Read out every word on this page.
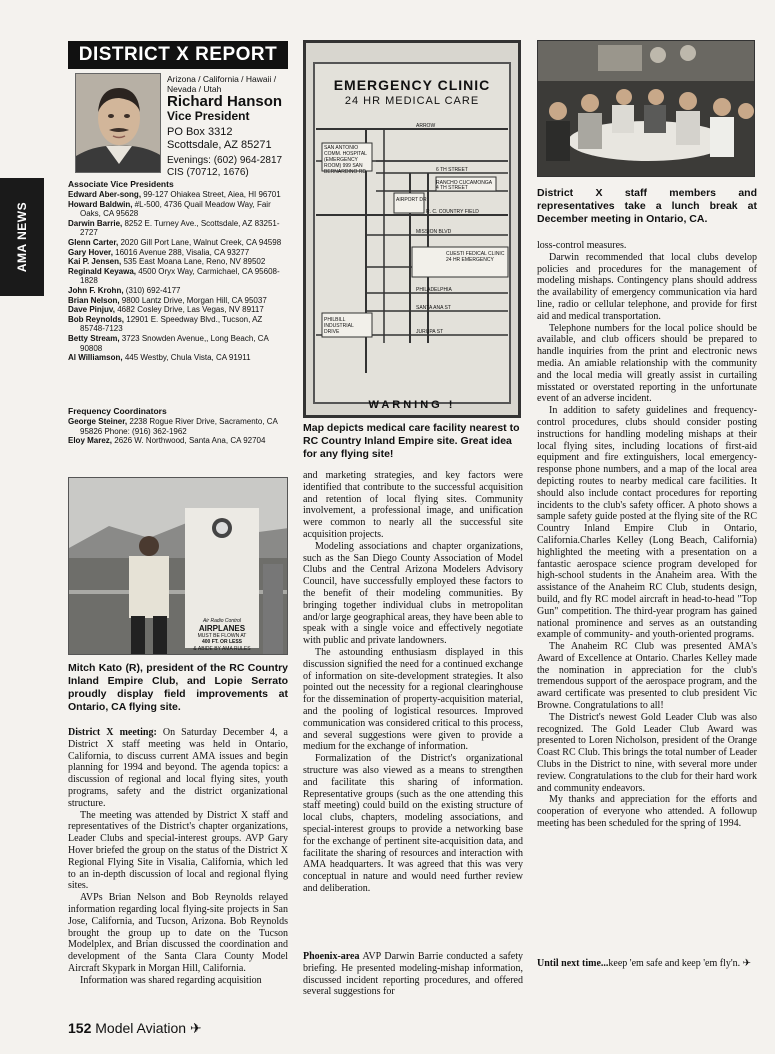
AMA NEWS
DISTRICT X REPORT
Arizona / California / Hawaii / Nevada / Utah
Richard Hanson
Vice President
PO Box 3312
Scottsdale, AZ 85271
Evenings: (602) 964-2817
CIS (70712, 1676)
Associate Vice Presidents
Edward Aber-song, 99-127 Ohiakea Street, Aiea, HI 96701
Howard Baldwin, #L-500, 4736 Quail Meadow Way, Fair Oaks, CA 95628
Darwin Barrie, 8252 E. Turney Ave., Scottsdale, AZ 83251-2727
Glenn Carter, 2020 Gill Port Lane, Walnut Creek, CA 94598
Gary Hover, 16016 Avenue 288, Visalia, CA 93277
Kai P. Jensen, 535 East Moana Lane, Reno, NV 89502
Reginald Keyawa, 4500 Oryx Way, Carmichael, CA 95608-1828
John F. Krohn, (310) 692-4177
Brian Nelson, 9800 Lantz Drive, Morgan Hill, CA 95037
Dave Pinjuv, 4682 Cosley Drive, Las Vegas, NV 89117
Bob Reynolds, 12901 E. Speedway Blvd., Tucson, AZ 85748-7123
Betty Stream, 3723 Snowden Avenue,, Long Beach, CA 90808
Al Williamson, 445 Westby, Chula Vista, CA 91911
Frequency Coordinators
George Steiner, 2238 Rogue River Drive, Sacramento, CA 95826 Phone: (916) 362-1962
Eloy Marez, 2626 W. Northwood, Santa Ana, CA 92704
Air Radio Control
AIRPLANES
MUST BE FLOWN AT
400 FT. OR LESS
& ABIDE BY AMA RULES
Mitch Kato (R), president of the RC Country Inland Empire Club, and Lopie Serrato proudly display field improvements at Ontario, CA flying site.
EMERGENCY CLINIC
24 HR MEDICAL CARE
SAN ANTONIO COMM. HOSPITAL (EMERGENCY ROOM) 999 SAN BERNARDINO RD
ARROW
6 TH STREET
4 TH STREET
RANCHO CUCAMONGA
AIRPORT DR
R. C. COUNTRY FIELD
CUESTI FEDICAL CLINIC 24 HR EMERGENCY
MISSION BLVD
PHILADELPHIA
SANTA ANA ST
JURUPA ST
PHILBILL INDUSTRIAL DRIVE
WARNING !
Map depicts medical care facility nearest to RC Country Inland Empire site. Great idea for any flying site!
District X staff members and representatives take a lunch break at December meeting in Ontario, CA.

District X meeting: On Saturday December 4, a District X staff meeting was held in Ontario, California, to discuss current AMA issues and begin planning for 1994 and beyond. The agenda topics: a discussion of regional and local flying sites, youth programs, safety and the district organizational structure.

The meeting was attended by District X staff and representatives of the District's chapter organizations, Leader Clubs and special-interest groups. AVP Gary Hover briefed the group on the status of the District X Regional Flying Site in Visalia, California, which led to an in-depth discussion of local and regional flying sites.

AVPs Brian Nelson and Bob Reynolds relayed information regarding local flying-site projects in San Jose, California, and Tucson, Arizona. Bob Reynolds brought the group up to date on the Tucson Modelplex, and Brian discussed the coordination and development of the Santa Clara County Model Aircraft Skypark in Morgan Hill, California.

Information was shared regarding acquisition

and marketing strategies, and key factors were identified that contribute to the successful acquisition and retention of local flying sites. Community involvement, a professional image, and unification were common to nearly all the successful site acquisition projects.

Modeling associations and chapter organizations, such as the San Diego County Association of Model Clubs and the Central Arizona Modelers Advisory Council, have successfully employed these factors to the benefit of their modeling communities. By bringing together individual clubs in metropolitan and/or large geographical areas, they have been able to speak with a single voice and effectively negotiate with public and private landowners.

The astounding enthusiasm displayed in this discussion signified the need for a continued exchange of information on site-development strategies. It also pointed out the necessity for a regional clearinghouse for the dissemination of property-acquisition material, and the pooling of logistical resources. Improved communication was considered critical to this process, and several suggestions were given to provide a medium for the exchange of information.

Formalization of the District's organizational structure was also viewed as a means to strengthen and facilitate this sharing of information. Representative groups (such as the one attending this staff meeting) could build on the existing structure of local clubs, chapters, modeling associations, and special-interest groups to provide a networking base for the exchange of pertinent site-acquisition data, and facilitate the sharing of resources and interaction with AMA headquarters. It was agreed that this was very conceptual in nature and would need further review and deliberation.

Phoenix-area AVP Darwin Barrie conducted a safety briefing. He presented modeling-mishap information, discussed incident reporting procedures, and offered several suggestions for

loss-control measures.

Darwin recommended that local clubs develop policies and procedures for the management of modeling mishaps. Contingency plans should address the availability of emergency communication via hard line, radio or cellular telephone, and provide for first aid and medical transportation.

Telephone numbers for the local police should be available, and club officers should be prepared to handle inquiries from the print and electronic news media. An amiable relationship with the community and the local media will greatly assist in curtailing misstated or overstated reporting in the unfortunate event of an adverse incident.

In addition to safety guidelines and frequency-control procedures, clubs should consider posting instructions for handling modeling mishaps at their local flying sites, including locations of first-aid equipment and fire extinguishers, local emergency-response phone numbers, and a map of the local area depicting routes to nearby medical care facilities. It should also include contact procedures for reporting incidents to the club's safety officer. A photo shows a sample safety guide posted at the flying site of the RC Country Inland Empire Club in Ontario, California.Charles Kelley (Long Beach, California) highlighted the meeting with a presentation on a fantastic aerospace science program developed for high-school students in the Anaheim area. With the assistance of the Anaheim RC Club, students design, build, and fly RC model aircraft in head-to-head "Top Gun" competition. The third-year program has gained national prominence and serves as an outstanding example of community- and youth-oriented programs.

The Anaheim RC Club was presented AMA's Award of Excellence at Ontario. Charles Kelley made the nomination in appreciation for the club's tremendous support of the aerospace program, and the award certificate was presented to club president Vic Browne. Congratulations to all!

The District's newest Gold Leader Club was also recognized. The Gold Leader Club Award was presented to Loren Nicholson, president of the Orange Coast RC Club. This brings the total number of Leader Clubs in the District to nine, with several more under review. Congratulations to the club for their hard work and community endeavors.

My thanks and appreciation for the efforts and cooperation of everyone who attended. A followup meeting has been scheduled for the spring of 1994.

Until next time...keep 'em safe and keep 'em fly'n. ✈

152 Model Aviation ✈
